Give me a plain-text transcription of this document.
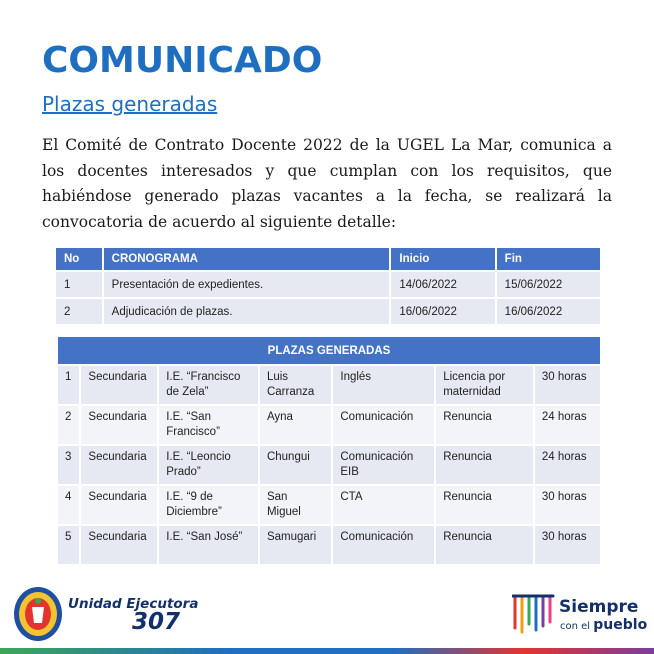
COMUNICADO
Plazas generadas
El Comité de Contrato Docente 2022 de la UGEL La Mar, comunica a los docentes interesados y que cumplan con los requisitos, que habiéndose generado plazas vacantes a la fecha, se realizará la convocatoria de acuerdo al siguiente detalle:
No	CRONOGRAMA	Inicio	Fin
1	Presentación de expedientes.	14/06/2022	15/06/2022
2	Adjudicación de plazas.	16/06/2022	16/06/2022
PLAZAS GENERADAS						
1	Secundaria	I.E. “Francisco de Zela”	Luis Carranza	Inglés	Licencia por maternidad	30 horas
2	Secundaria	I.E. “San Francisco”	Ayna	Comunicación	Renuncia	24 horas
3	Secundaria	I.E. “Leoncio Prado”	Chungui	Comunicación EIB	Renuncia	24 horas
4	Secundaria	I.E. “9 de Diciembre”	San Miguel	CTA	Renuncia	30 horas
5	Secundaria	I.E. “San José”	Samugari	Comunicación	Renuncia	30 horas
Unidad Ejecutora
307
Siempre
con el pueblo
